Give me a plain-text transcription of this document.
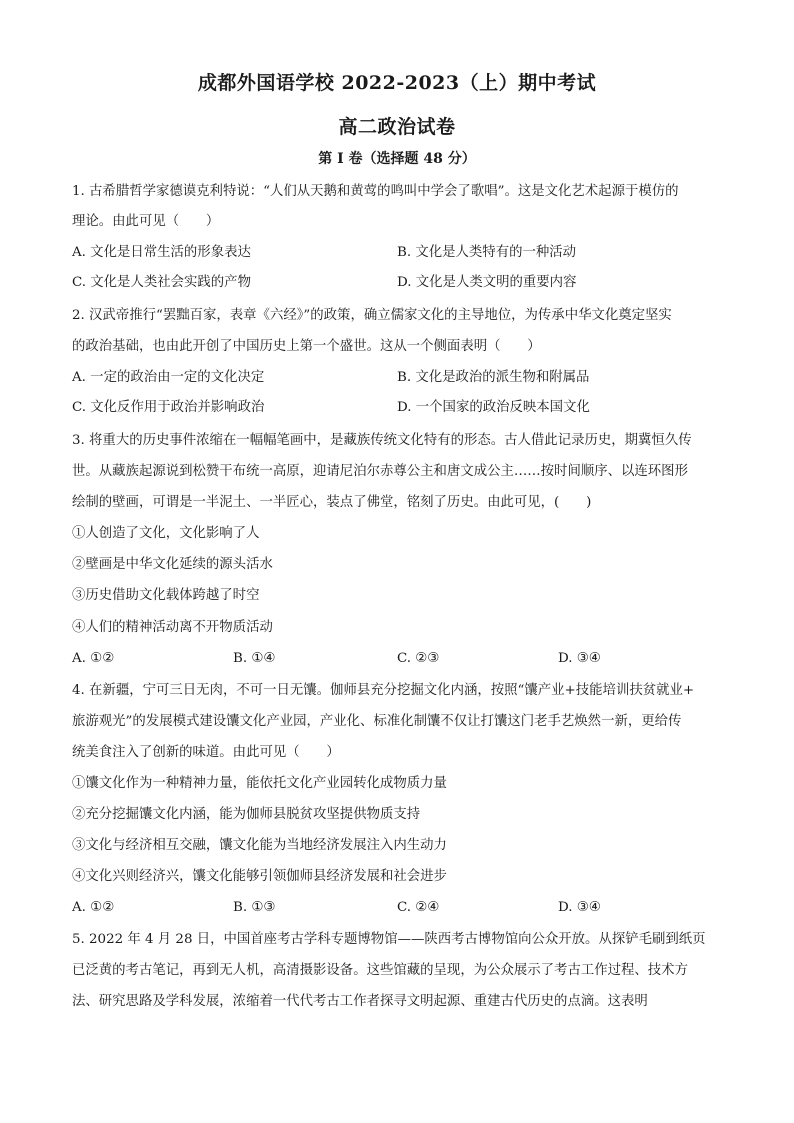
成都外国语学校 2022-2023（上）期中考试
高二政治试卷
第 I 卷（选择题 48 分）
1. 古希腊哲学家德谟克利特说：“人们从天鹅和黄莺的鸣叫中学会了歌唱”。这是文化艺术起源于模仿的
理论。由此可见（　　）
A. 文化是日常生活的形象表达	B. 文化是人类特有的一种活动
C. 文化是人类社会实践的产物	D. 文化是人类文明的重要内容
2. 汉武帝推行“罢黜百家，表章《六经》”的政策，确立儒家文化的主导地位，为传承中华文化奠定坚实
的政治基础，也由此开创了中国历史上第一个盛世。这从一个侧面表明（　　）
A. 一定的政治由一定的文化决定	B. 文化是政治的派生物和附属品
C. 文化反作用于政治并影响政治	D. 一个国家的政治反映本国文化
3. 将重大的历史事件浓缩在一幅幅笔画中，是藏族传统文化特有的形态。古人借此记录历史，期冀恒久传
世。从藏族起源说到松赞干布统一高原，迎请尼泊尔赤尊公主和唐文成公主……按时间顺序、以连环图形
绘制的壁画，可谓是一半泥土、一半匠心，装点了佛堂，铭刻了历史。由此可见，(　　)
①人创造了文化，文化影响了人
②壁画是中华文化延续的源头活水
③历史借助文化载体跨越了时空
④人们的精神活动离不开物质活动
A. ①②	B. ①④	C. ②③	D. ③④
4. 在新疆，宁可三日无肉，不可一日无馕。伽师县充分挖掘文化内涵，按照“馕产业+技能培训扶贫就业+
旅游观光”的发展模式建设馕文化产业园，产业化、标准化制馕不仅让打馕这门老手艺焕然一新，更给传
统美食注入了创新的味道。由此可见（　　）
①馕文化作为一种精神力量，能依托文化产业园转化成物质力量
②充分挖掘馕文化内涵，能为伽师县脱贫攻坚提供物质支持
③文化与经济相互交融，馕文化能为当地经济发展注入内生动力
④文化兴则经济兴，馕文化能够引领伽师县经济发展和社会进步
A. ①②	B. ①③	C. ②④	D. ③④
5. 2022 年 4 月 28 日，中国首座考古学科专题博物馆——陕西考古博物馆向公众开放。从探铲毛刷到纸页
已泛黄的考古笔记，再到无人机，高清摄影设备。这些馆藏的呈现，为公众展示了考古工作过程、技术方
法、研究思路及学科发展，浓缩着一代代考古工作者探寻文明起源、重建古代历史的点滴。这表明
